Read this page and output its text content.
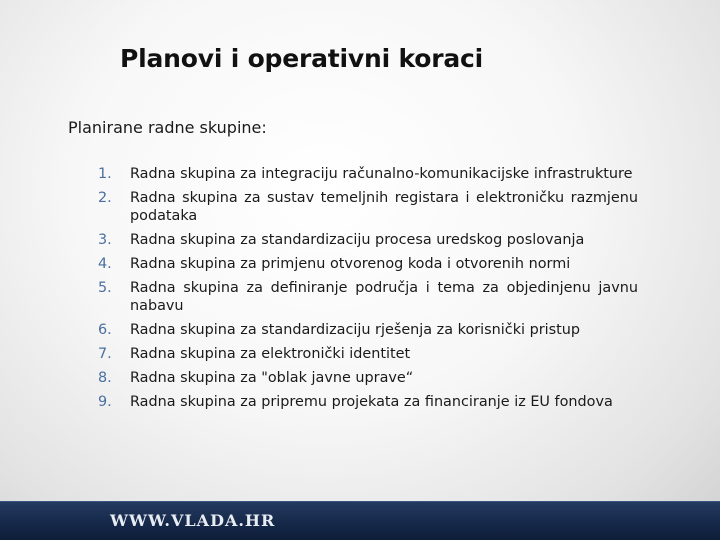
Planovi i operativni koraci

Planirane radne skupine:

1.	Radna skupina za integraciju računalno-komunikacijske infrastrukture
2.	Radna skupina za sustav temeljnih registara i elektroničku razmjenu podataka
3.	Radna skupina za standardizaciju procesa uredskog poslovanja
4.	Radna skupina za primjenu otvorenog koda i otvorenih normi
5.	Radna skupina za definiranje područja i tema za objedinjenu javnu nabavu
6.	Radna skupina za standardizaciju rješenja za korisnički pristup
7.	Radna skupina za elektronički identitet
8.	Radna skupina za "oblak javne uprave“
9.	Radna skupina za pripremu projekata za financiranje iz EU fondova
WWW.VLADA.HR
